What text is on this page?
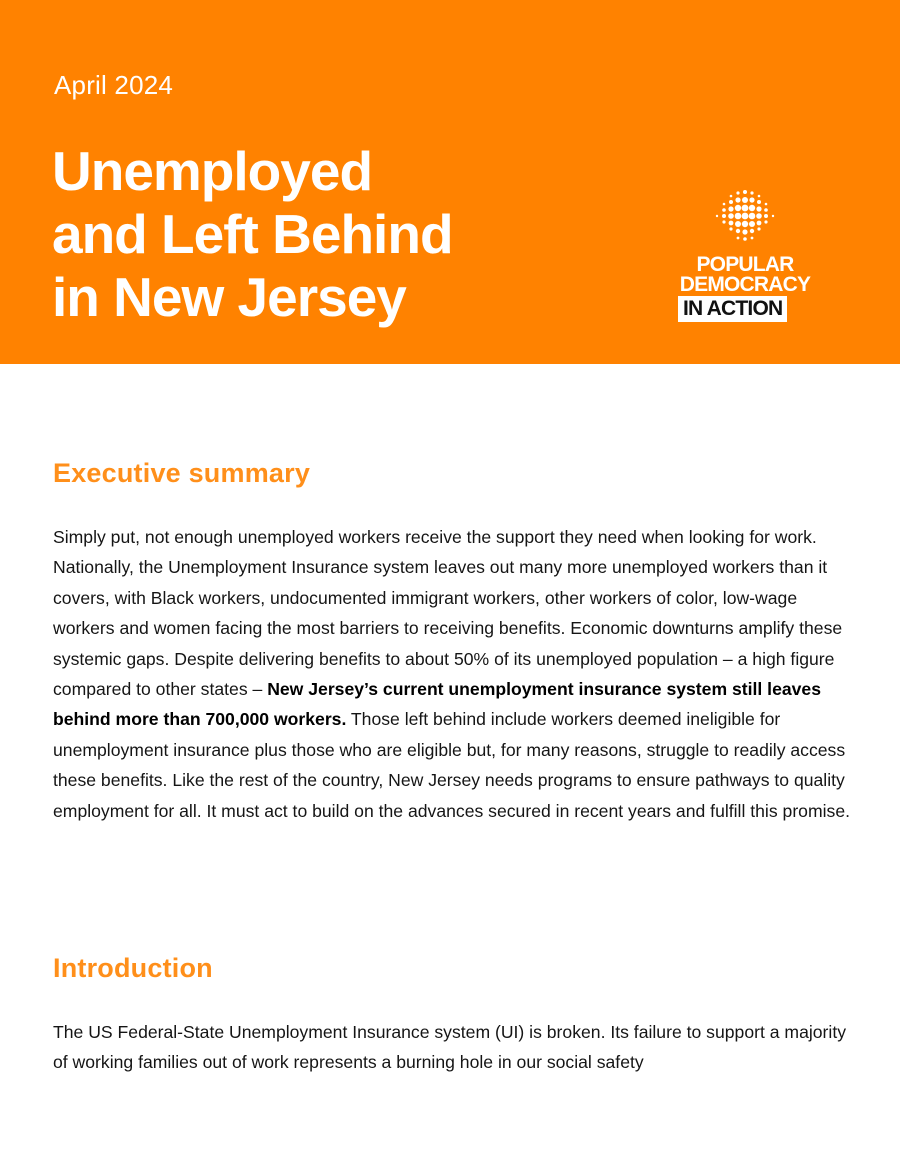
April 2024
Unemployed
and Left Behind
in New Jersey
POPULAR
DEMOCRACY
IN ACTION
Executive summary

Simply put, not enough unemployed workers receive the support they need when looking for work. Nationally, the Unemployment Insurance system leaves out many more unemployed workers than it covers, with Black workers, undocumented immigrant workers, other workers of color, low-wage workers and women facing the most barriers to receiving benefits. Economic downturns amplify these systemic gaps. Despite delivering benefits to about 50% of its unemployed population – a high figure compared to other states – New Jersey’s current unemployment insurance system still leaves behind more than 700,000 workers. Those left behind include workers deemed ineligible for unemployment insurance plus those who are eligible but, for many reasons, struggle to readily access these benefits. Like the rest of the country, New Jersey needs programs to ensure pathways to quality employment for all. It must act to build on the advances secured in recent years and fulfill this promise.

Introduction

The US Federal-State Unemployment Insurance system (UI) is broken. Its failure to support a majority of working families out of work represents a burning hole in our social safety
